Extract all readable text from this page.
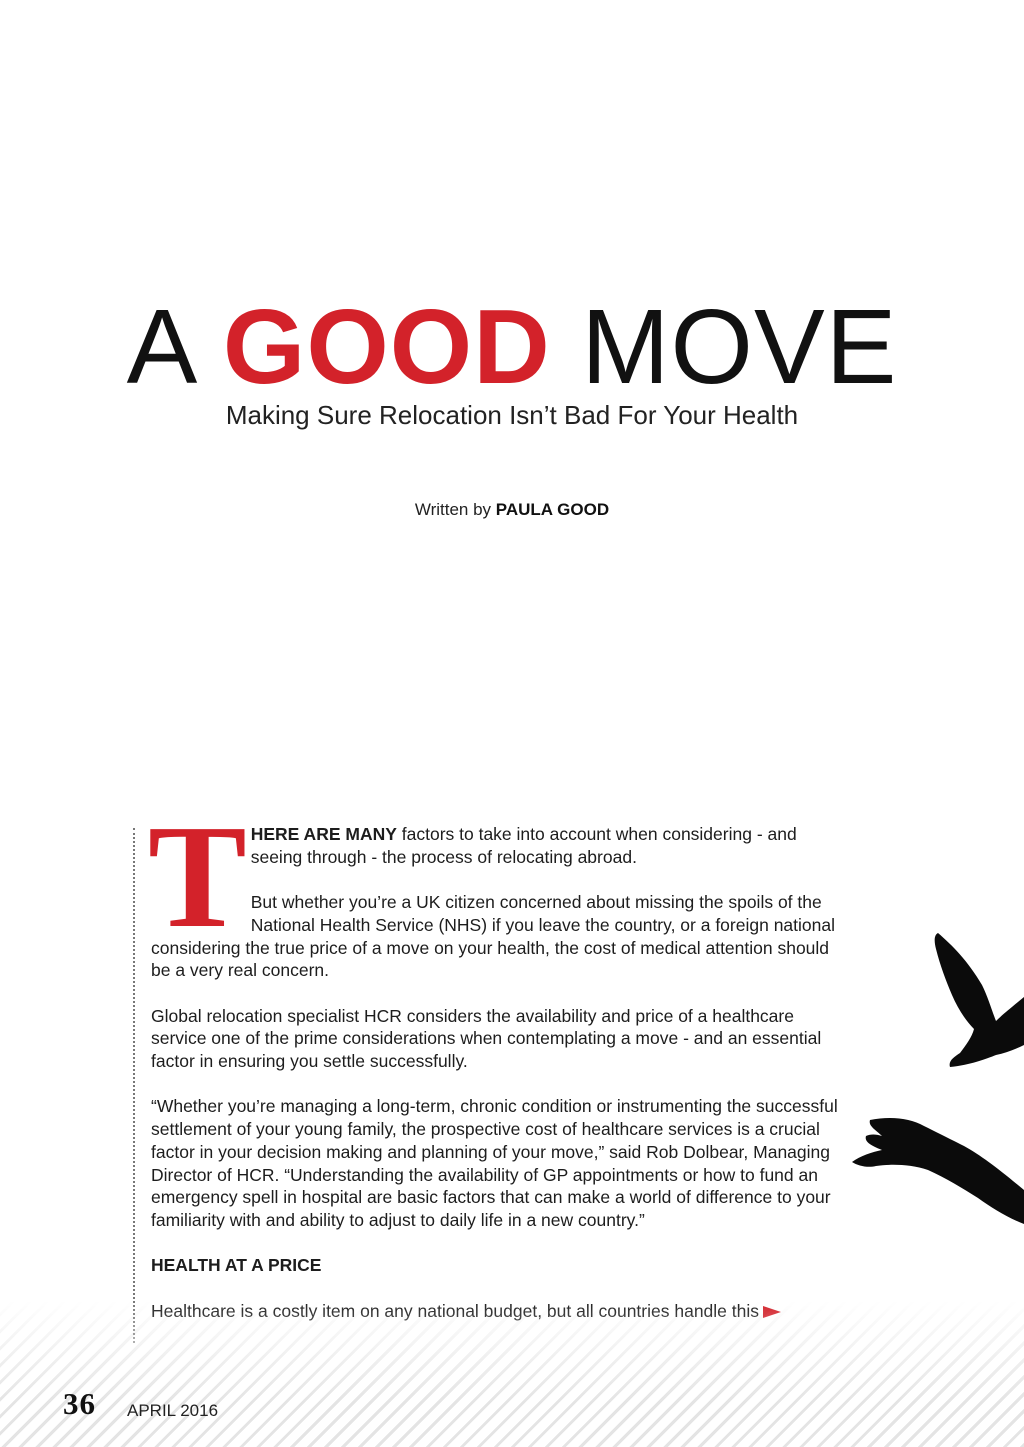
A GOOD MOVE
Making Sure Relocation Isn’t Bad For Your Health
Written by PAULA GOOD

THERE ARE MANY factors to take into account when considering - and seeing through - the process of relocating abroad.

But whether you’re a UK citizen concerned about missing the spoils of the National Health Service (NHS) if you leave the country, or a foreign national considering the true price of a move on your health, the cost of medical attention should be a very real concern.

Global relocation specialist HCR considers the availability and price of a healthcare service one of the prime considerations when contemplating a move - and an essential factor in ensuring you settle successfully.

“Whether you’re managing a long-term, chronic condition or instrumenting the successful settlement of your young family, the prospective cost of healthcare services is a crucial factor in your decision making and planning of your move,” said Rob Dolbear, Managing Director of HCR. “Understanding the availability of GP appointments or how to fund an emergency spell in hospital are basic factors that can make a world of difference to your familiarity with and ability to adjust to daily life in a new country.”

HEALTH AT A PRICE

36 APRIL 2016
